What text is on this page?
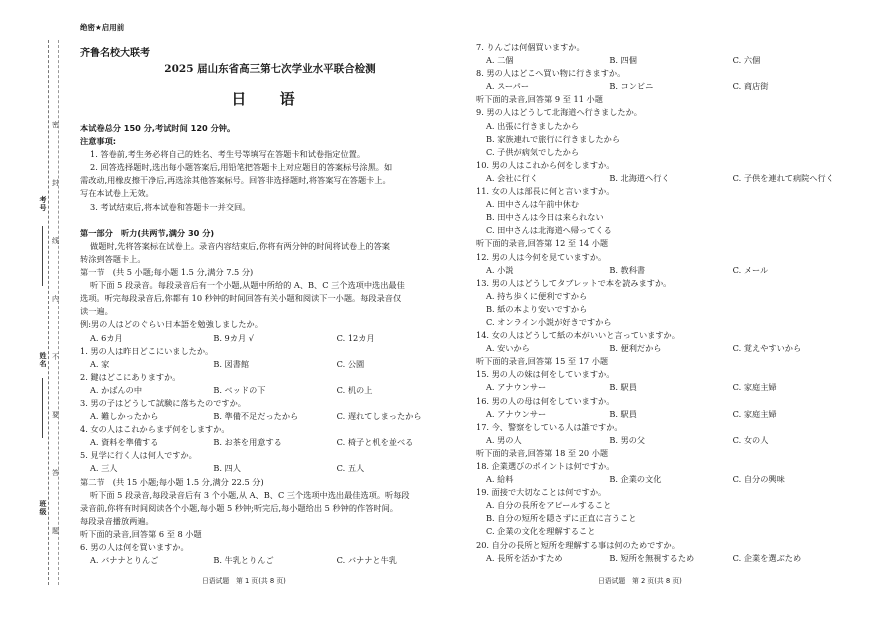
考号
姓名
班级
密
封
线
内
不
要
答
题
绝密★启用前
齐鲁名校大联考
2025 届山东省高三第七次学业水平联合检测
日 语
本试卷总分 150 分,考试时间 120 分钟。
注意事项:
1. 答卷前,考生务必将自己的姓名、考生号等填写在答题卡和试卷指定位置。
2. 回答选择题时,选出每小题答案后,用铅笔把答题卡上对应题目的答案标号涂黑。如
需改动,用橡皮擦干净后,再选涂其他答案标号。回答非选择题时,将答案写在答题卡上。
写在本试卷上无效。
3. 考试结束后,将本试卷和答题卡一并交回。
第一部分　听力(共两节,满分 30 分)
做题时,先将答案标在试卷上。录音内容结束后,你将有两分钟的时间将试卷上的答案
转涂到答题卡上。
第一节　(共 5 小题;每小题 1.5 分,满分 7.5 分)
听下面 5 段录音。每段录音后有一个小题,从题中所给的 A、B、C 三个选项中选出最佳
选项。听完每段录音后,你都有 10 秒钟的时间回答有关小题和阅读下一小题。每段录音仅
读一遍。
例:男の人はどのぐらい日本語を勉強しましたか。
A. 6カ月	B. 9カ月 √	C. 12カ月
1. 男の人は昨日どこにいましたか。
A. 家	B. 図書館	C. 公園
2. 鍵はどこにありますか。
A. かばんの中	B. ベッドの下	C. 机の上
3. 男の子はどうして試験に落ちたのですか。
A. 難しかったから	B. 準備不足だったから	C. 遅れてしまったから
4. 女の人はこれからまず何をしますか。
A. 資料を準備する	B. お茶を用意する	C. 椅子と机を並べる
5. 見学に行く人は何人ですか。
A. 三人	B. 四人	C. 五人
第二节　(共 15 小题;每小题 1.5 分,满分 22.5 分)
听下面 5 段录音,每段录音后有 3 个小题,从 A、B、C 三个选项中选出最佳选项。听每段
录音前,你将有时间阅读各个小题,每小题 5 秒钟;听完后,每小题给出 5 秒钟的作答时间。
每段录音播放两遍。
听下面的录音,回答第 6 至 8 小题
6. 男の人は何を買いますか。
A. バナナとりんご	B. 牛乳とりんご	C. バナナと牛乳
7. りんごは何個買いますか。
A. 二個	B. 四個	C. 六個
8. 男の人はどこへ買い物に行きますか。
A. スーパー	B. コンビニ	C. 商店街
听下面的录音,回答第 9 至 11 小题
9. 男の人はどうして北海道へ行きましたか。
A. 出張に行きましたから
B. 家族連れで旅行に行きましたから
C. 子供が病気でしたから
10. 男の人はこれから何をしますか。
A. 会社に行く	B. 北海道へ行く	C. 子供を連れて病院へ行く
11. 女の人は部長に何と言いますか。
A. 田中さんは午前中休む
B. 田中さんは今日は来られない
C. 田中さんは北海道へ帰ってくる
听下面的录音,回答第 12 至 14 小题
12. 男の人は今何を見ていますか。
A. 小説	B. 教科書	C. メール
13. 男の人はどうしてタブレットで本を読みますか。
A. 持ち歩くに便利ですから
B. 紙の本より安いですから
C. オンライン小説が好きですから
14. 女の人はどうして紙の本がいいと言っていますか。
A. 安いから	B. 便利だから	C. 覚えやすいから
听下面的录音,回答第 15 至 17 小题
15. 男の人の妹は何をしていますか。
A. アナウンサー	B. 駅員	C. 家庭主婦
16. 男の人の母は何をしていますか。
A. アナウンサー	B. 駅員	C. 家庭主婦
17. 今、警察をしている人は誰ですか。
A. 男の人	B. 男の父	C. 女の人
听下面的录音,回答第 18 至 20 小题
18. 企業選びのポイントは何ですか。
A. 給料	B. 企業の文化	C. 自分の興味
19. 面接で大切なことは何ですか。
A. 自分の長所をアピールすること
B. 自分の短所を隠さずに正直に言うこと
C. 企業の文化を理解すること
20. 自分の長所と短所を理解する事は何のためですか。
A. 長所を活かすため	B. 短所を無視するため	C. 企業を選ぶため
日语试题　第 1 页(共 8 页)	日语试题　第 2 页(共 8 页)
